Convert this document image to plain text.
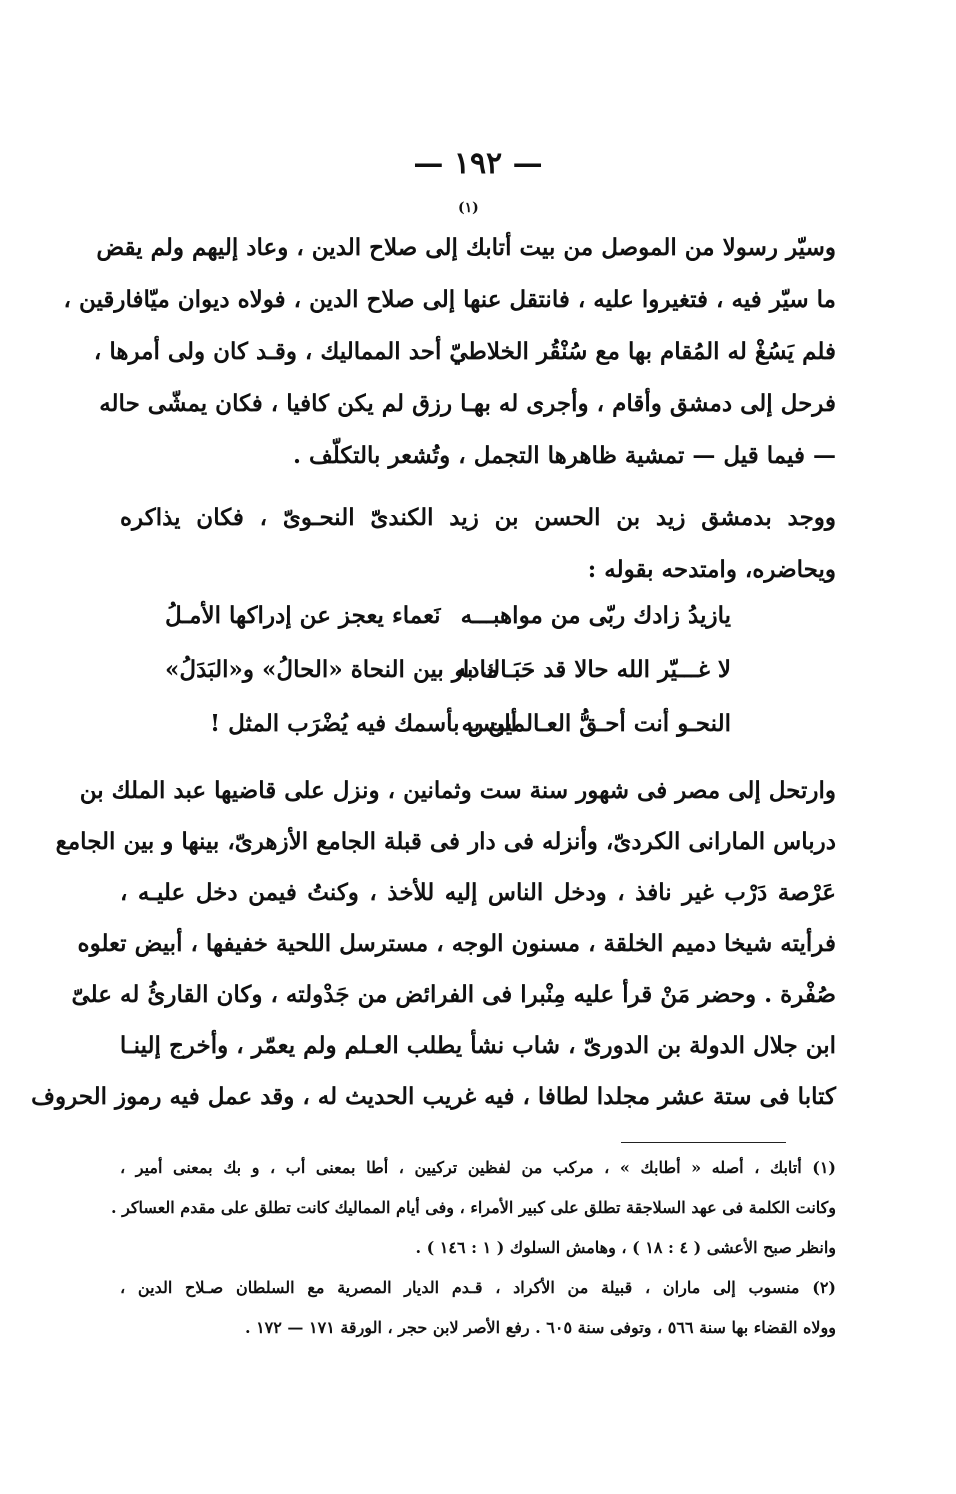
— ١٩٢ —
(١)
وسيّر رسولا من الموصل من بيت أتابك إلى صلاح الدين ، وعاد إليهم ولم يقض
ما سيّر فيه ، فتغيروا عليه ، فانتقل عنها إلى صلاح الدين ، فولاه ديوان ميّافارقين ،
فلم يَسُغْ له المُقام بها مع سُنْقُر الخلاطيّ أحد المماليك ، وقـد كان ولى أمرها ،
فرحل إلى دمشق وأقام ، وأجرى له بهـا رزق لم يكن كافيا ، فكان يمشّى حاله
— فيما قيل — تمشية ظاهرها التجمل ، وتُشعر بالتكلّف .
ووجد بدمشق زيد بن الحسن بن زيد الكندىّ النحـوىّ ، فكان يذاكره
ويحاضره، وامتدحه بقوله :
يازيدُ زادك ربّى من مواهبـــه
نَعماء يعجز عن إدراكها الأمـلُ
لا غـــيّر الله حالا قد حَبَـاك به
مادار بين النحاة «الحالُ» و«البَدَلُ»
النحـو أنت أحـقُّ العـالمين به
أليس بأسمك فيه يُضْرَب المثل !
وارتحل إلى مصر فى شهور سنة ست وثمانين ، ونزل على قاضيها عبد الملك بن
درباس المارانى الكردىّ، وأنزله فى دار فى قبلة الجامع الأزهرىّ، بينها و بين الجامع
عَرْصة دَرْب غير نافذ ، ودخل الناس إليه للأخذ ، وكنتُ فيمن دخل عليـه ،
فرأيته شيخا دميم الخلقة ، مسنون الوجه ، مسترسل اللحية خفيفها ، أبيض تعلوه
صُفْرة . وحضر مَنْ قرأ عليه مِنْبرا فى الفرائض من جَدْولته ، وكان القارئُ له علىّ
ابن جلال الدولة بن الدورىّ ، شاب نشأ يطلب العـلم ولم يعمّر ، وأخرج إلينـا
كتابا فى ستة عشر مجلدا لطافا ، فيه غريب الحديث له ، وقد عمل فيه رموز الحروف
(١) أتابك ، أصله « أطابك » ، مركب من لفظين تركيين ، أطا بمعنى أب ، و بك بمعنى أمير ،
وكانت الكلمة فى عهد السلاجقة تطلق على كبير الأمراء ، وفى أيام المماليك كانت تطلق على مقدم العساكر .
وانظر صبح الأعشى ( ٤ : ١٨ ) ، وهامش السلوك ( ١ : ١٤٦ ) .
(٢) منسوب إلى ماران ، قبيلة من الأكراد ، قـدم الديار المصرية مع السلطان صـلاح الدين ،
وولاه القضاء بها سنة ٥٦٦ ، وتوفى سنة ٦٠٥ . رفع الأصر لابن حجر ، الورقة ١٧١ — ١٧٢ .
